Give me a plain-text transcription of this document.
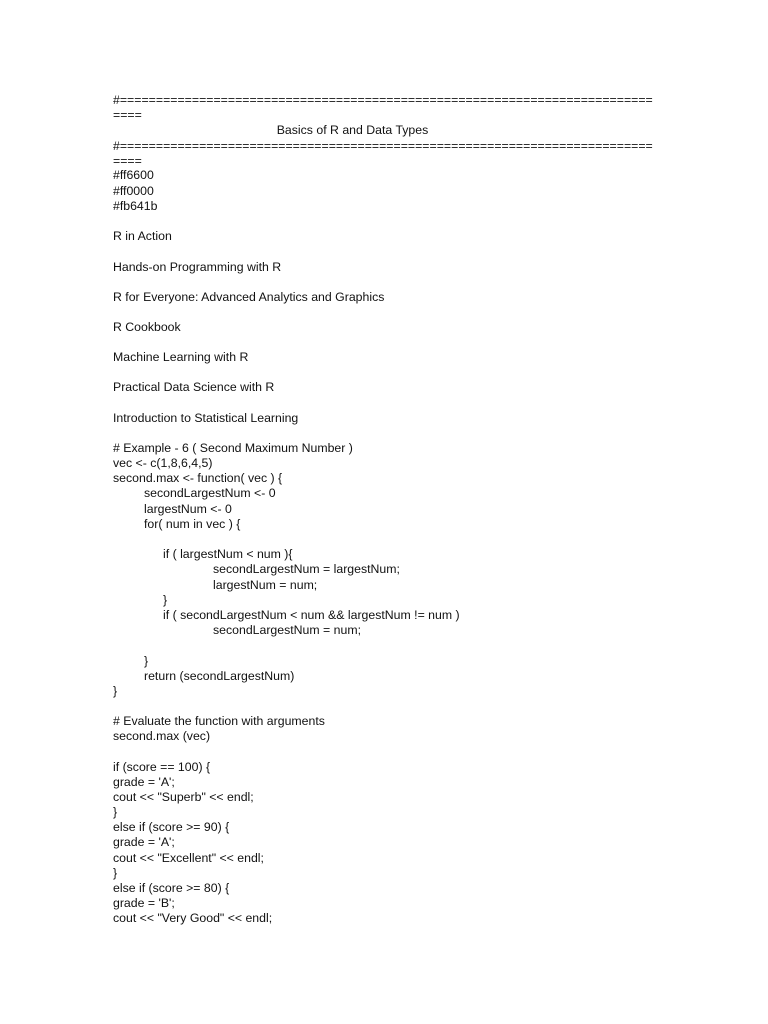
#==========================================================================
====
Basics of R and Data Types
#==========================================================================
====
#ff6600
#ff0000
#fb641b
R in Action
Hands-on Programming with R
R for Everyone: Advanced Analytics and Graphics
R Cookbook
Machine Learning with R
Practical Data Science with R
Introduction to Statistical Learning
# Example - 6 ( Second Maximum Number )
vec <- c(1,8,6,4,5)
second.max <- function( vec ) {
secondLargestNum <- 0
largestNum <- 0
for( num in vec ) {
if ( largestNum < num ){
secondLargestNum = largestNum;
largestNum = num;
}
if ( secondLargestNum < num && largestNum != num )
secondLargestNum = num;
}
return (secondLargestNum)
}
# Evaluate the function with arguments
second.max (vec)
if (score == 100) {
grade = 'A';
cout << "Superb" << endl;
}
else if (score >= 90) {
grade = 'A';
cout << "Excellent" << endl;
}
else if (score >= 80) {
grade = 'B';
cout << "Very Good" << endl;
